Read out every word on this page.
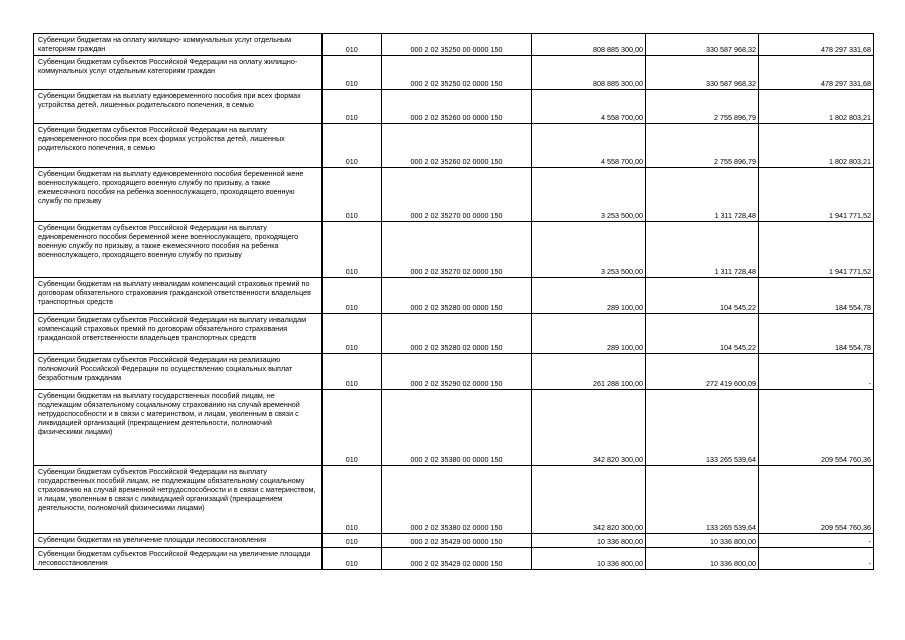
Субвенции бюджетам на оплату жилищно- коммунальных услуг отдельным категориям граждан	010	000 2 02 35250 00 0000 150	808 885 300,00	330 587 968,32	478 297 331,68
Субвенции бюджетам субъектов Российской Федерации на оплату жилищно-коммунальных услуг отдельным категориям граждан	010	000 2 02 35250 02 0000 150	808 885 300,00	330 587 968,32	478 297 331,68
Субвенции бюджетам на выплату единовременного пособия при всех формах устройства детей, лишенных родительского попечения, в семью	010	000 2 02 35260 00 0000 150	4 558 700,00	2 755 896,79	1 802 803,21
Субвенции бюджетам субъектов Российской Федерации на выплату единовременного пособия при всех формах устройства детей, лишенных родительского попечения, в семью	010	000 2 02 35260 02 0000 150	4 558 700,00	2 755 896,79	1 802 803,21
Субвенции бюджетам на выплату единовременного пособия беременной жене военнослужащего, проходящего военную службу по призыву, а также ежемесячного пособия на ребенка военнослужащего, проходящего военную службу по призыву	010	000 2 02 35270 00 0000 150	3 253 500,00	1 311 728,48	1 941 771,52
Субвенции бюджетам субъектов Российской Федерации на выплату единовременного пособия беременной жене военнослужащего, проходящего военную службу по призыву, а также ежемесячного пособия на ребенка военнослужащего, проходящего военную службу по призыву	010	000 2 02 35270 02 0000 150	3 253 500,00	1 311 728,48	1 941 771,52
Субвенции бюджетам на выплату инвалидам компенсаций страховых премий по договорам обязательного страхования гражданской ответственности владельцев транспортных средств	010	000 2 02 35280 00 0000 150	289 100,00	104 545,22	184 554,78
Субвенции бюджетам субъектов Российской Федерации на выплату инвалидам компенсаций страховых премий по договорам обязательного страхования гражданской ответственности владельцев транспортных средств	010	000 2 02 35280 02 0000 150	289 100,00	104 545,22	184 554,78
Субвенции бюджетам субъектов Российской Федерации на реализацию полномочий Российской Федерации по осуществлению социальных выплат безработным гражданам	010	000 2 02 35290 02 0000 150	261 288 100,00	272 419 600,09	-
Субвенции бюджетам на выплату государственных пособий лицам, не подлежащим обязательному социальному страхованию на случай временной нетрудоспособности и в связи с материнством, и лицам, уволенным в связи с ликвидацией организаций (прекращением деятельности, полномочий физическими лицами)	010	000 2 02 35380 00 0000 150	342 820 300,00	133 265 539,64	209 554 760,36
Субвенции бюджетам субъектов Российской Федерации на выплату государственных пособий лицам, не подлежащим обязательному социальному страхованию на случай временной нетрудоспособности и в связи с материнством, и лицам, уволенным в связи с ликвидацией организаций (прекращением деятельности, полномочий физическими лицами)	010	000 2 02 35380 02 0000 150	342 820 300,00	133 265 539,64	209 554 760,36
Субвенции бюджетам на увеличение площади лесовосстановления	010	000 2 02 35429 00 0000 150	10 336 800,00	10 336 800,00	-
Субвенции бюджетам субъектов Российской Федерации на увеличение площади лесовосстановления	010	000 2 02 35429 02 0000 150	10 336 800,00	10 336 800,00	-
